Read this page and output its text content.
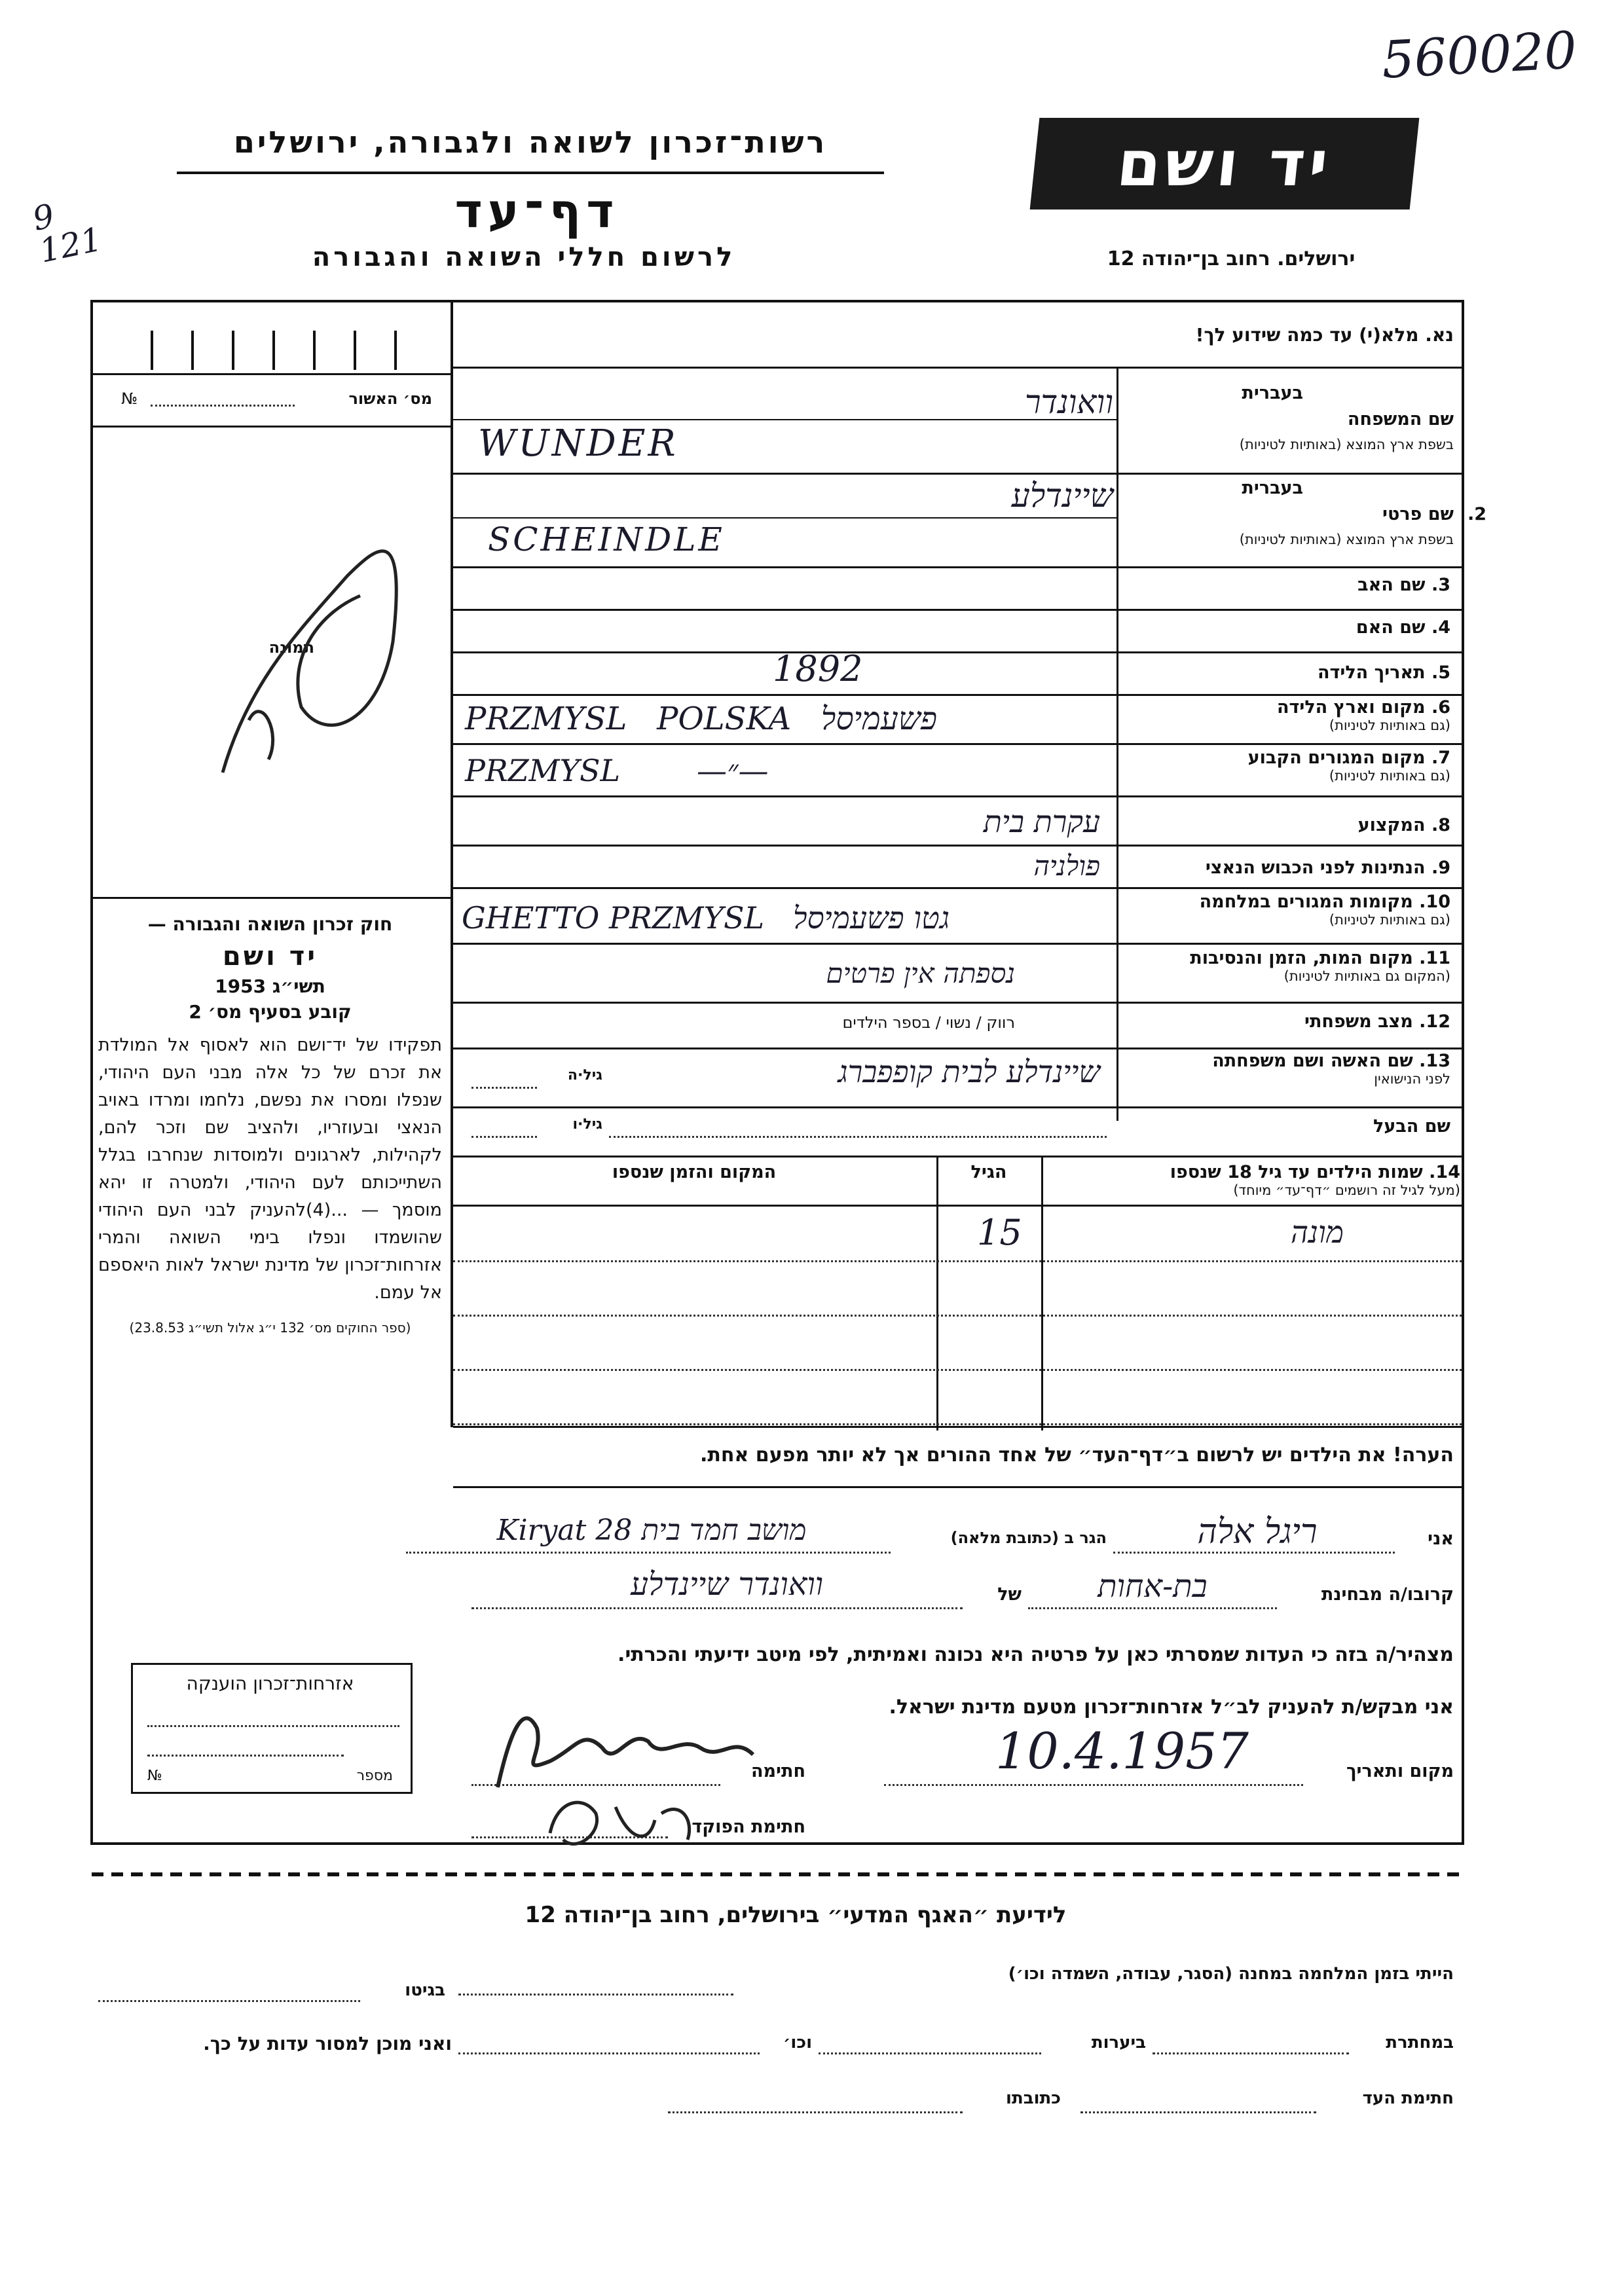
560020
9
121
רשות־זכרון לשואה ולגבורה, ירושלים
דף־עד
לרשום חללי השואה והגבורה
יד ושם
ירושלים. רחוב בן־יהודה 12
נא. מלא(י) עד כמה שידוע לך!
מס׳ האשור
№
תמונה
חוק זכרון השואה והגבורה —
יד ושם
תשי״ג 1953
קובע בסעיף מס׳ 2
תפקידו של יד־ושם הוא לאסוף אל המולדת את זכרם של כל אלה מבני העם היהודי, שנפלו ומסרו את נפשם, נלחמו ומרדו באויב הנאצי ובעוזריו, ולהציב שם וזכר להם, לקהילות, לארגונים ולמוסדות שנחרבו בגלל השתייכותם לעם היהודי, ולמטרה זו יהא מוסמך — ...(4)להעניק לבני העם היהודי שהושמדו ונפלו בימי השואה והמרי אזרחות־זכרון של מדינת ישראל לאות היאספם אל עמם.
(ספר החוקים מס׳ 132 י״ג אלול תשי״ג 23.8.53)
אזרחות־זכרון הוענקה
מספר
№
בעברית
שם המשפחה
בשפת ארץ המוצא (באותיות לטיניות)
בעברית
2.
שם פרטי
בשפת ארץ המוצא (באותיות לטיניות)
וואונדר
WUNDER
שיינדלע
SCHEINDLE
3. שם האב
4. שם האם
5. תאריך הלידה
1892
6. מקום וארץ הלידה
(גם באותיות לטיניות)
PRZMYSL   POLSKA   פשעמיסל
7. מקום המגורים הקבוע
(גם באותיות לטיניות)
PRZMYSL        —״—
8. המקצוע
עקרת בית
9. הנתינות לפני הכבוש הנאצי
פולניה
10. מקומות המגורים במלחמה
(גם באותיות לטיניות)
GHETTO PRZMYSL   גטו פשעמיסל
11. מקום המות, הזמן והנסיבות
(המקום גם באותיות לטיניות)
נספתה אין פרטים
12. מצב משפחתי
רווק / נשוי / בספר הילדים
13. שם האשה ושם משפחתה
לפני הנישואין
גיל·ה	שיינדלע לבית קופפברג
שם הבעל
גיל·ו
14. שמות הילדים עד גיל 18 שנספו
(מעל לגיל זה רושמים ״דף־עד״ מיוחד)
הגיל
המקום והזמן שנספו
מונה
15
הערה! את הילדים יש לרשום ב״דף־העד״ של אחד ההורים אך לא יותר מפעם אחת.
אני
ריגל אלה
הגר ב (כתובת מלאה)
מושב חמד בית 28 Kiryat
קרובו/ה מבחינת
בת-אחות
של
וואונדר שיינדלע
מצהיר/ה בזה כי העדות שמסרתי כאן על פרטיה היא נכונה ואמיתית, לפי מיטב ידיעתי והכרתי.
אני מבקש/ת להעניק לב״ל אזרחות־זכרון מטעם מדינת ישראל.
מקום ותאריך
10.4.1957
חתימה
חתימת הפוקד
לידיעת ״האגף המדעי״ בירושלים, רחוב בן־יהודה 12
הייתי בזמן המלחמה במחנה (הסגר, עבודה, השמדה וכו׳)
בגיטו
במחתרת
ביערות
וכו׳
ואני מוכן למסור עדות על כך.
חתימת העד
כתובתו
